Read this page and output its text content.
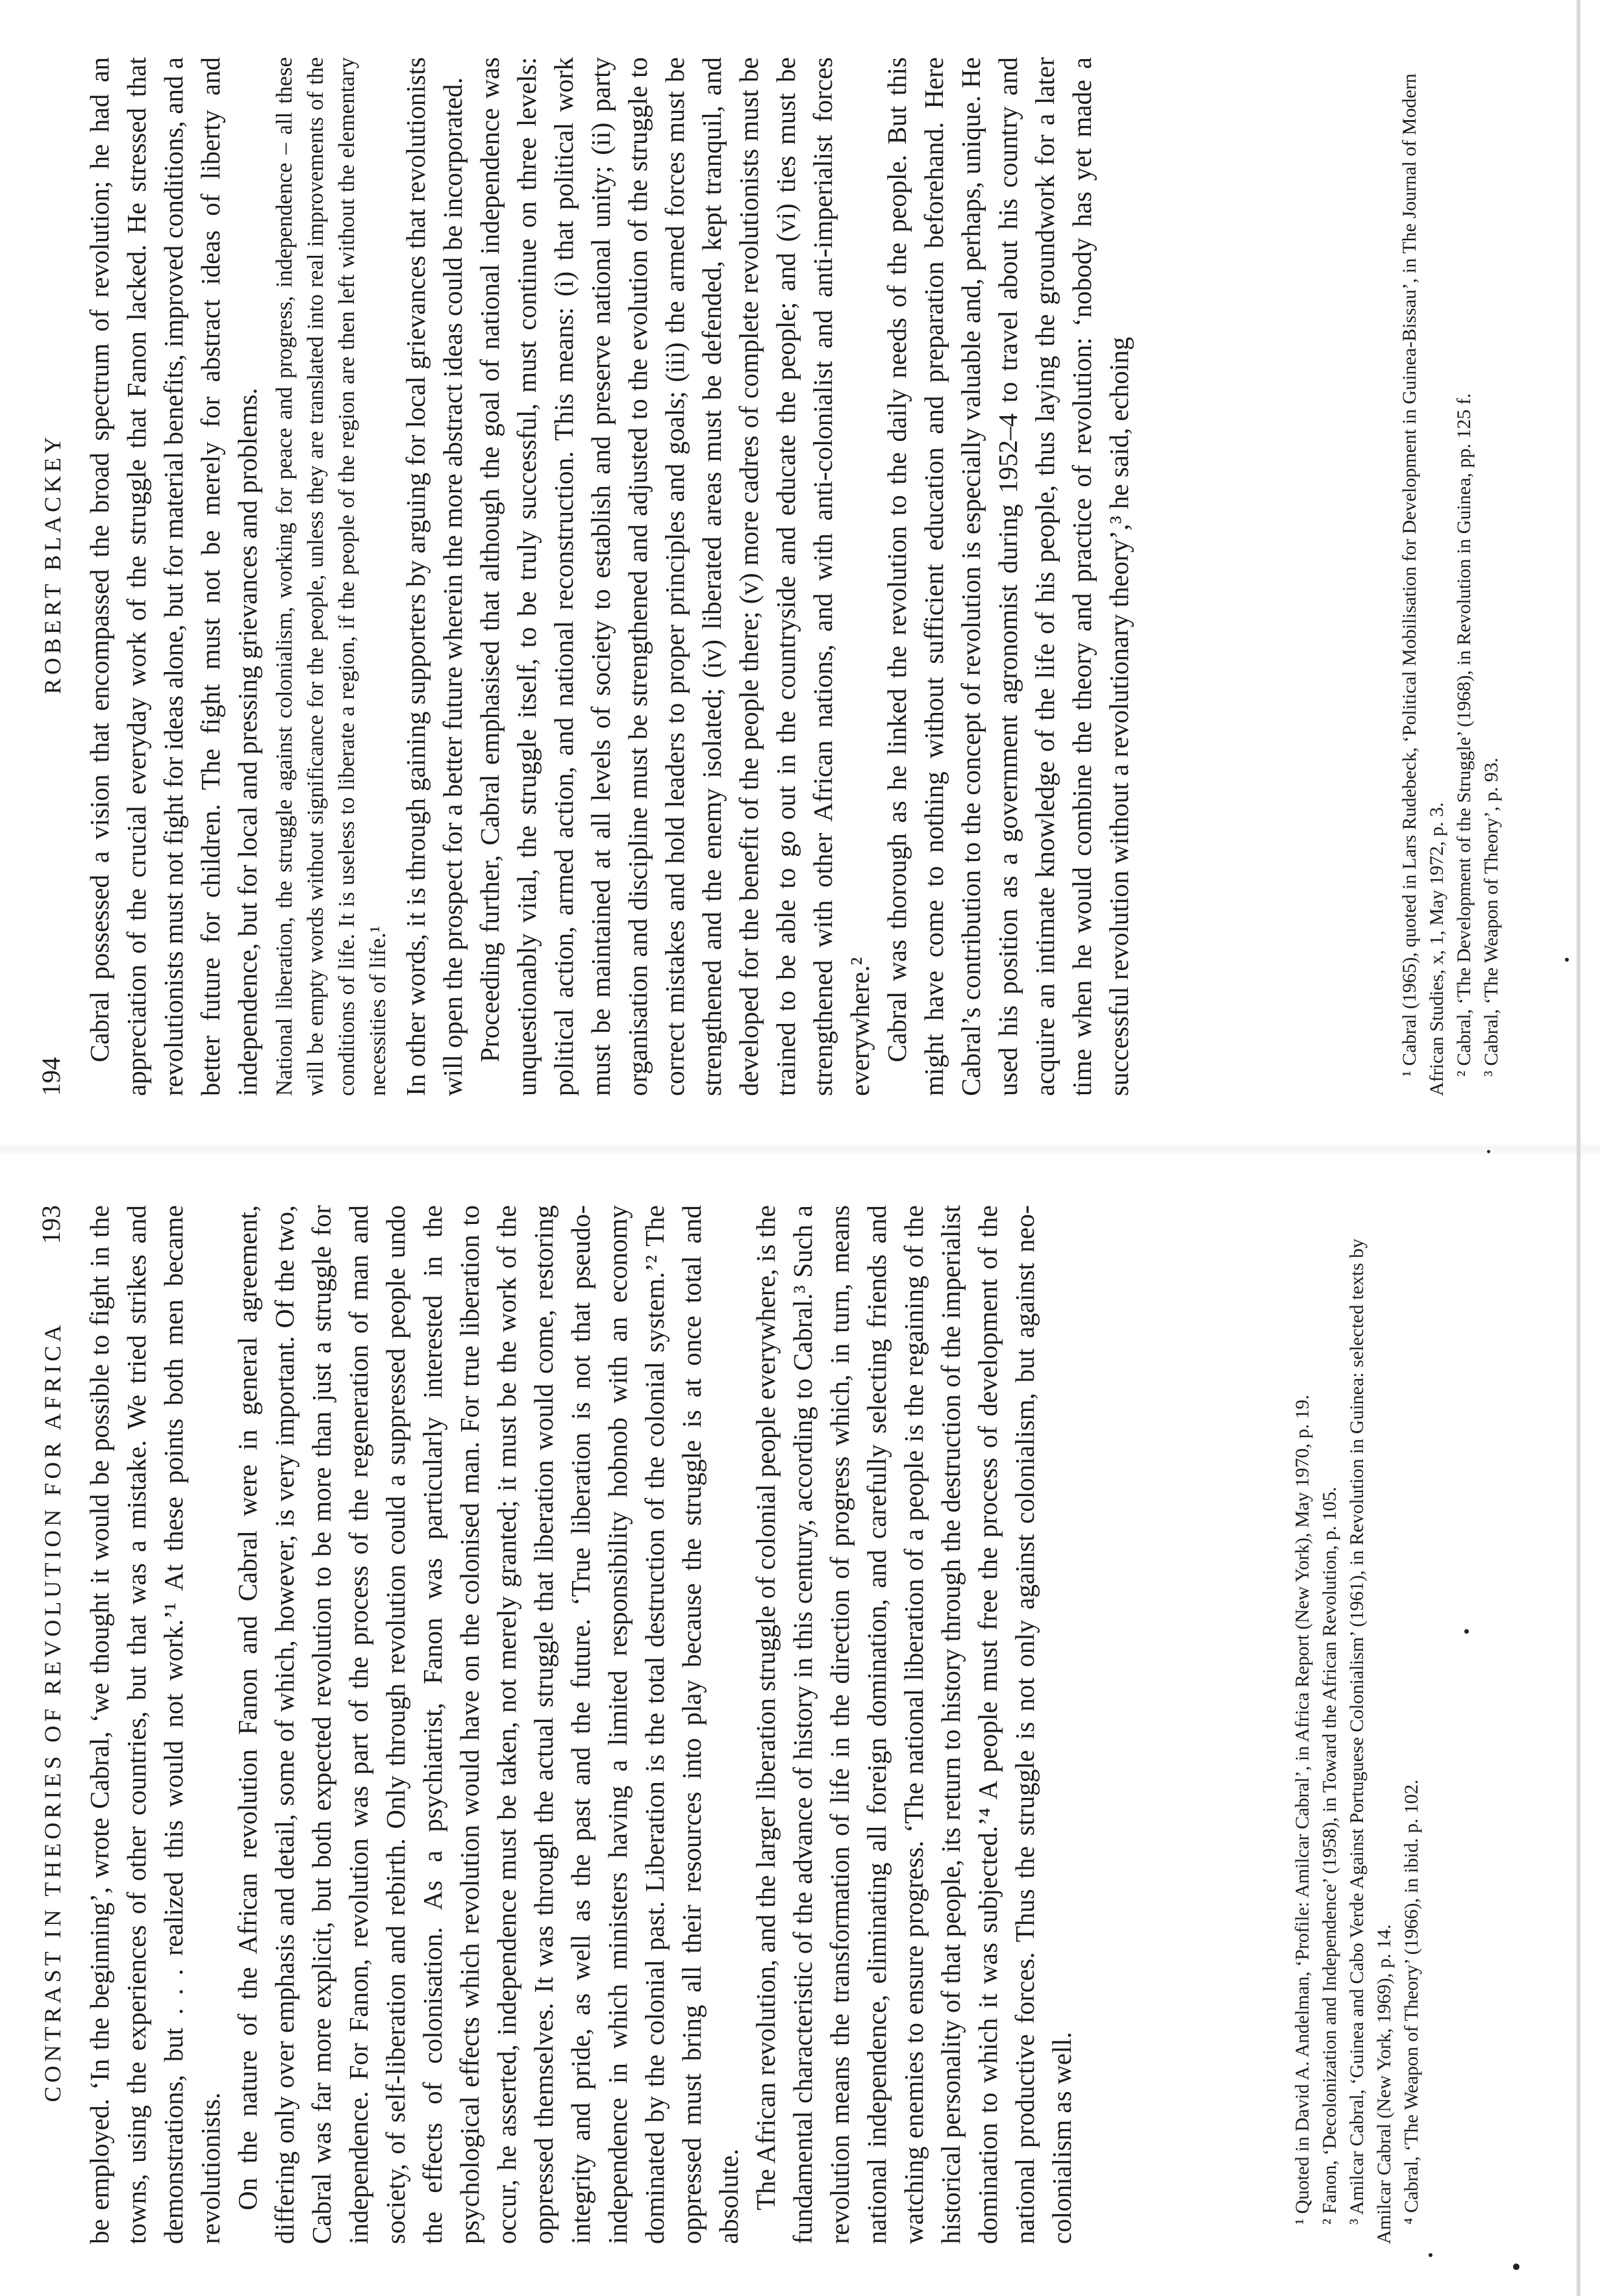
CONTRAST IN THEORIES OF REVOLUTION FOR AFRICA
193 be employed. ‘In the beginning’, wrote Cabral, ‘we thought it would be possible to fight in the towns, using the experiences of other countries, but that was a mistake. We tried strikes and demonstrations, but . . . realized this would not work.’¹ At these points both men became revolutionists. On the nature of the African revolution Fanon and Cabral were in general agreement, differing only over emphasis and detail, some of which, however, is very important. Of the two, Cabral was far more explicit, but both expected revolution to be more than just a struggle for independence. For Fanon, revolution was part of the process of the regeneration of man and society, of self-liberation and rebirth. Only through revolution could a suppressed people undo the effects of colonisation. As a psychiatrist, Fanon was particularly interested in the psychological effects which revolution would have on the colonised man. For true liberation to occur, he asserted, independence must be taken, not merely granted; it must be the work of the oppressed themselves. It was through the actual struggle that liberation would come, restoring integrity and pride, as well as the past and the future. ‘True liberation is not that pseudo-independence in which ministers having a limited responsibility hobnob with an economy dominated by the colonial past. Liberation is the total destruction of the colonial system.’² The oppressed must bring all their resources into play because the struggle is at once total and absolute. The African revolution, and the larger liberation struggle of colonial people everywhere, is the fundamental characteristic of the advance of history in this century, according to Cabral.³ Such a revolution means the transformation of life in the direction of progress which, in turn, means national independence, eliminating all foreign domination, and carefully selecting friends and watching enemies to ensure progress. ‘The national liberation of a people is the regaining of the historical personality of that people, its return to history through the destruction of the imperialist domination to which it was subjected.’⁴ A people must free the process of development of the national productive forces. Thus the struggle is not only against colonialism, but against neo-colonialism as well.	¹ Quoted in David A. Andelman, ‘Profile: Amilcar Cabral’, in Africa Report (New York), May 1970, p. 19. ² Fanon, ‘Decolonization and Independence’ (1958), in Toward the African Revolution, p. 105. ³ Amilcar Cabral, ‘Guinea and Cabo Verde Against Portuguese Colonialism’ (1961), in Revolution in Guinea: selected texts by Amilcar Cabral (New York, 1969), p. 14. ⁴ Cabral, ‘The Weapon of Theory’ (1966), in ibid. p. 102.

194
ROBERT BLACKEY Cabral possessed a vision that encompassed the broad spectrum of revolution; he had an appreciation of the crucial everyday work of the struggle that Fanon lacked. He stressed that revolutionists must not fight for ideas alone, but for material benefits, improved conditions, and a better future for children. The fight must not be merely for abstract ideas of liberty and independence, but for local and pressing grievances and problems. National liberation, the struggle against colonialism, working for peace and progress, independence – all these will be empty words without significance for the people, unless they are translated into real improvements of the conditions of life. It is useless to liberate a region, if the people of the region are then left without the elementary necessities of life.¹ In other words, it is through gaining supporters by arguing for local grievances that revolutionists will open the prospect for a better future wherein the more abstract ideas could be incorporated. Proceeding further, Cabral emphasised that although the goal of national independence was unquestionably vital, the struggle itself, to be truly successful, must continue on three levels: political action, armed action, and national reconstruction. This means: (i) that political work must be maintained at all levels of society to establish and preserve national unity; (ii) party organisation and discipline must be strengthened and adjusted to the evolution of the struggle to correct mistakes and hold leaders to proper principles and goals; (iii) the armed forces must be strengthened and the enemy isolated; (iv) liberated areas must be defended, kept tranquil, and developed for the benefit of the people there; (v) more cadres of complete revolutionists must be trained to be able to go out in the countryside and educate the people; and (vi) ties must be strengthened with other African nations, and with anti-colonialist and anti-imperialist forces everywhere.² Cabral was thorough as he linked the revolution to the daily needs of the people. But this might have come to nothing without sufficient education and preparation beforehand. Here Cabral’s contribution to the concept of revolution is especially valuable and, perhaps, unique. He used his position as a government agronomist during 1952–4 to travel about his country and acquire an intimate knowledge of the life of his people, thus laying the groundwork for a later time when he would combine the theory and practice of revolution: ‘nobody has yet made a successful revolution without a revolutionary theory’,³ he said, echoing	¹ Cabral (1965), quoted in Lars Rudebeck, ‘Political Mobilisation for Development in Guinea-Bissau’, in The Journal of Modern African Studies, x, 1, May 1972, p. 3. ² Cabral, ‘The Development of the Struggle’ (1968), in Revolution in Guinea, pp. 125 f. ³ Cabral, ‘The Weapon of Theory’, p. 93.
